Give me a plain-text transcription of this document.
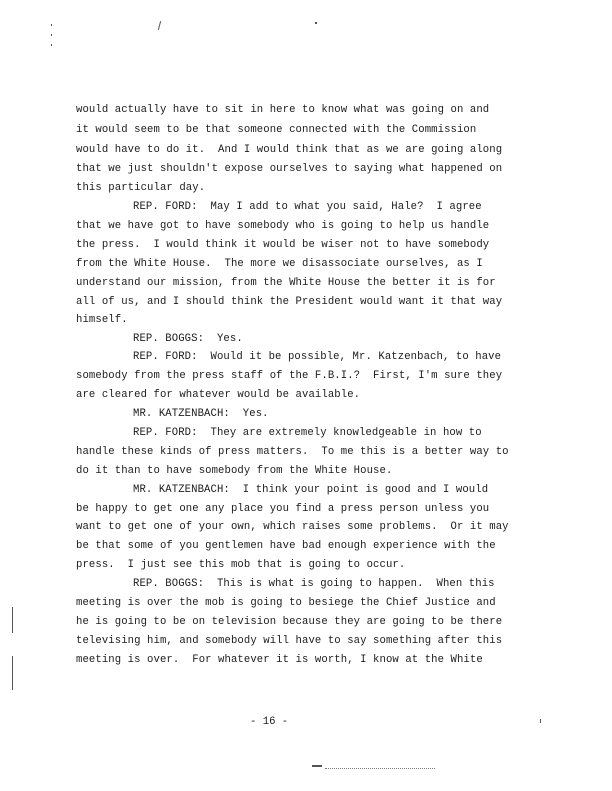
would actually have to sit in here to know what was going on and
it would seem to be that someone connected with the Commission
would have to do it.  And I would think that as we are going along
that we just shouldn't expose ourselves to saying what happened on
this particular day.
REP. FORD:  May I add to what you said, Hale?  I agree
that we have got to have somebody who is going to help us handle
the press.  I would think it would be wiser not to have somebody
from the White House.  The more we disassociate ourselves, as I
understand our mission, from the White House the better it is for
all of us, and I should think the President would want it that way
himself.
REP. BOGGS:  Yes.
REP. FORD:  Would it be possible, Mr. Katzenbach, to have
somebody from the press staff of the F.B.I.?  First, I'm sure they
are cleared for whatever would be available.
MR. KATZENBACH:  Yes.
REP. FORD:  They are extremely knowledgeable in how to
handle these kinds of press matters.  To me this is a better way to
do it than to have somebody from the White House.
MR. KATZENBACH:  I think your point is good and I would
be happy to get one any place you find a press person unless you
want to get one of your own, which raises some problems.  Or it may
be that some of you gentlemen have bad enough experience with the
press.  I just see this mob that is going to occur.
REP. BOGGS:  This is what is going to happen.  When this
meeting is over the mob is going to besiege the Chief Justice and
he is going to be on television because they are going to be there
televising him, and somebody will have to say something after this
meeting is over.  For whatever it is worth, I know at the White
- 16 -
